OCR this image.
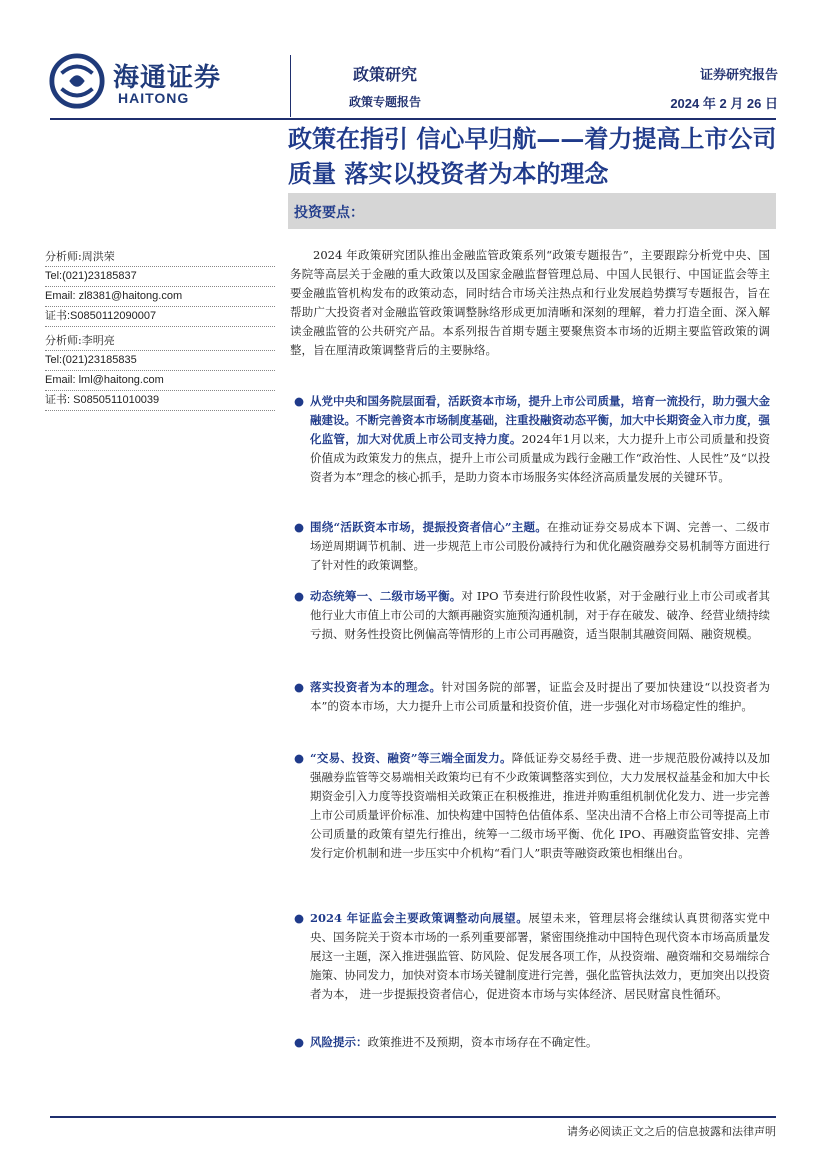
海通证券
HAITONG
政策研究
政策专题报告
证券研究报告
2024 年 2 月 26 日
政策在指引 信心早归航——着力提高上市公司质量 落实以投资者为本的理念
投资要点：
分析师:周洪荣
Tel:(021)23185837
Email: zl8381@haitong.com
证书:S0850112090007
分析师:李明亮
Tel:(021)23185835
Email: lml@haitong.com
证书: S0850511010039
2024 年政策研究团队推出金融监管政策系列“政策专题报告”，主要跟踪分析党中央、国务院等高层关于金融的重大政策以及国家金融监督管理总局、中国人民银行、中国证监会等主要金融监管机构发布的政策动态，同时结合市场关注热点和行业发展趋势撰写专题报告，旨在帮助广大投资者对金融监管政策调整脉络形成更加清晰和深刻的理解，着力打造全面、深入解读金融监管的公共研究产品。本系列报告首期专题主要聚焦资本市场的近期主要监管政策的调整，旨在厘清政策调整背后的主要脉络。
● 从党中央和国务院层面看，活跃资本市场，提升上市公司质量，培育一流投行，助力强大金融建设。不断完善资本市场制度基础，注重投融资动态平衡，加大中长期资金入市力度，强化监管，加大对优质上市公司支持力度。2024年1月以来，大力提升上市公司质量和投资价值成为政策发力的焦点，提升上市公司质量成为践行金融工作“政治性、人民性”及“以投资者为本”理念的核心抓手，是助力资本市场服务实体经济高质量发展的关键环节。
● 围绕“活跃资本市场，提振投资者信心”主题。在推动证券交易成本下调、完善一、二级市场逆周期调节机制、进一步规范上市公司股份减持行为和优化融资融券交易机制等方面进行了针对性的政策调整。
● 动态统筹一、二级市场平衡。对 IPO 节奏进行阶段性收紧，对于金融行业上市公司或者其他行业大市值上市公司的大额再融资实施预沟通机制，对于存在破发、破净、经营业绩持续亏损、财务性投资比例偏高等情形的上市公司再融资，适当限制其融资间隔、融资规模。
● 落实投资者为本的理念。针对国务院的部署，证监会及时提出了要加快建设“以投资者为本”的资本市场，大力提升上市公司质量和投资价值，进一步强化对市场稳定性的维护。
● “交易、投资、融资”等三端全面发力。降低证券交易经手费、进一步规范股份减持以及加强融券监管等交易端相关政策均已有不少政策调整落实到位，大力发展权益基金和加大中长期资金引入力度等投资端相关政策正在积极推进，推进并购重组机制优化发力、进一步完善上市公司质量评价标准、加快构建中国特色估值体系、坚决出清不合格上市公司等提高上市公司质量的政策有望先行推出，统筹一二级市场平衡、优化 IPO、再融资监管安排、完善发行定价机制和进一步压实中介机构“看门人”职责等融资政策也相继出台。
● 2024 年证监会主要政策调整动向展望。展望未来，管理层将会继续认真贯彻落实党中央、国务院关于资本市场的一系列重要部署，紧密围绕推动中国特色现代资本市场高质量发展这一主题，深入推进强监管、防风险、促发展各项工作，从投资端、融资端和交易端综合施策、协同发力，加快对资本市场关键制度进行完善，强化监管执法效力，更加突出以投资者为本， 进一步提振投资者信心，促进资本市场与实体经济、居民财富良性循环。
● 风险提示：政策推进不及预期，资本市场存在不确定性。
请务必阅读正文之后的信息披露和法律声明
